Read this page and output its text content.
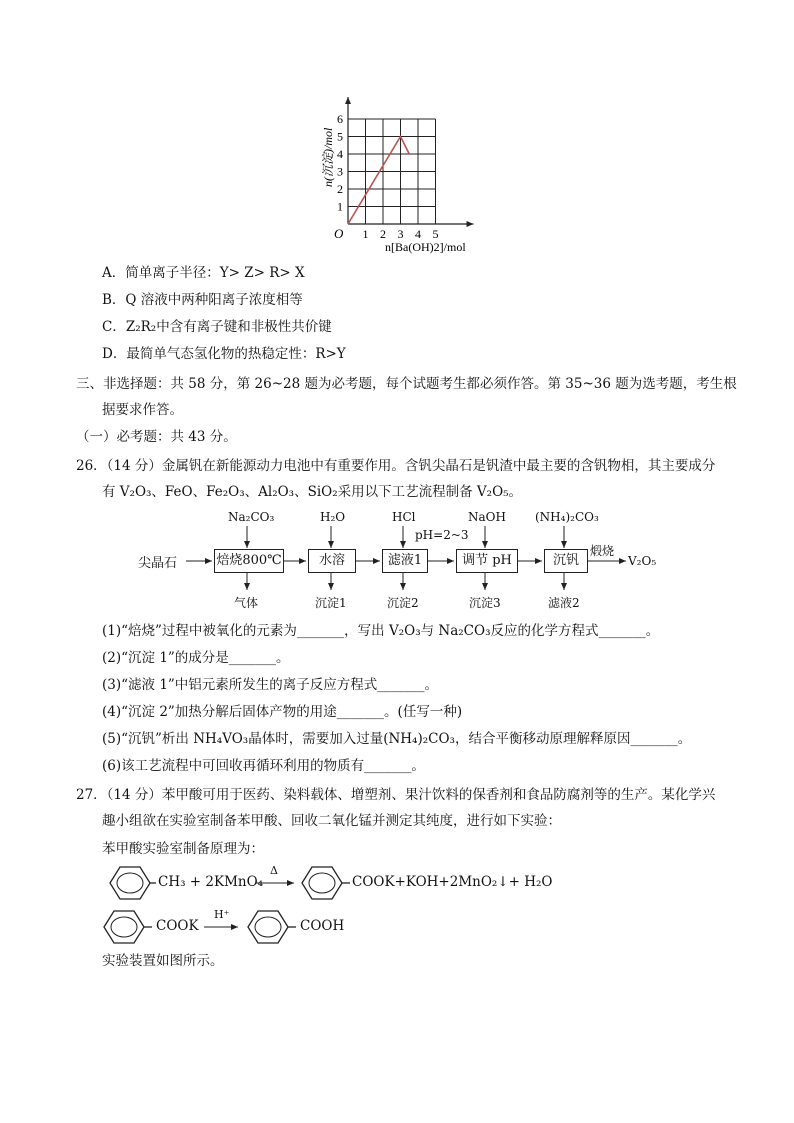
1 2 3 4 5
1
2
3
4
5
6
n(沉淀)/mol
n[Ba(OH)2]/mol
O
A．简单离子半径：Y> Z> R> X
B．Q 溶液中两种阳离子浓度相等
C．Z₂R₂中含有离子键和非极性共价键
D．最简单气态氢化物的热稳定性：R>Y
三、非选择题：共 58 分，第 26~28 题为必考题，每个试题考生都必须作答。第 35~36 题为选考题，考生根
据要求作答。
（一）必考题：共 43 分。
26．（14 分）金属钒在新能源动力电池中有重要作用。含钒尖晶石是钒渣中最主要的含钒物相，其主要成分
有 V₂O₃、FeO、Fe₂O₃、Al₂O₃、SiO₂采用以下工艺流程制备 V₂O₅。
尖晶石	焙烧800℃	水溶	滤液1	调节 pH	沉钒
Na₂CO₃	H₂O	HCl	NaOH (NH₄)₂CO₃
pH=2~3
煅烧
V₂O₅
气体	沉淀1	沉淀2	沉淀3	滤液2
(1)“焙烧”过程中被氧化的元素为_______，写出 V₂O₃与 Na₂CO₃反应的化学方程式_______。
(2)“沉淀 1”的成分是_______。
(3)“滤液 1”中铝元素所发生的离子反应方程式_______。
(4)“沉淀 2”加热分解后固体产物的用途_______。(任写一种)
(5)“沉钒”析出 NH₄VO₃晶体时，需要加入过量(NH₄)₂CO₃，结合平衡移动原理解释原因_______。
(6)该工艺流程中可回收再循环利用的物质有_______。
27．（14 分）苯甲酸可用于医药、染料载体、增塑剂、果汁饮料的保香剂和食品防腐剂等的生产。某化学兴
趣小组欲在实验室制备苯甲酸、回收二氧化锰并测定其纯度，进行如下实验：
苯甲酸实验室制备原理为：
CH₃ + 2KMnO₄
Δ
COOK+KOH+2MnO₂↓+ H₂O
COOK
H⁺
COOH
实验装置如图所示。
